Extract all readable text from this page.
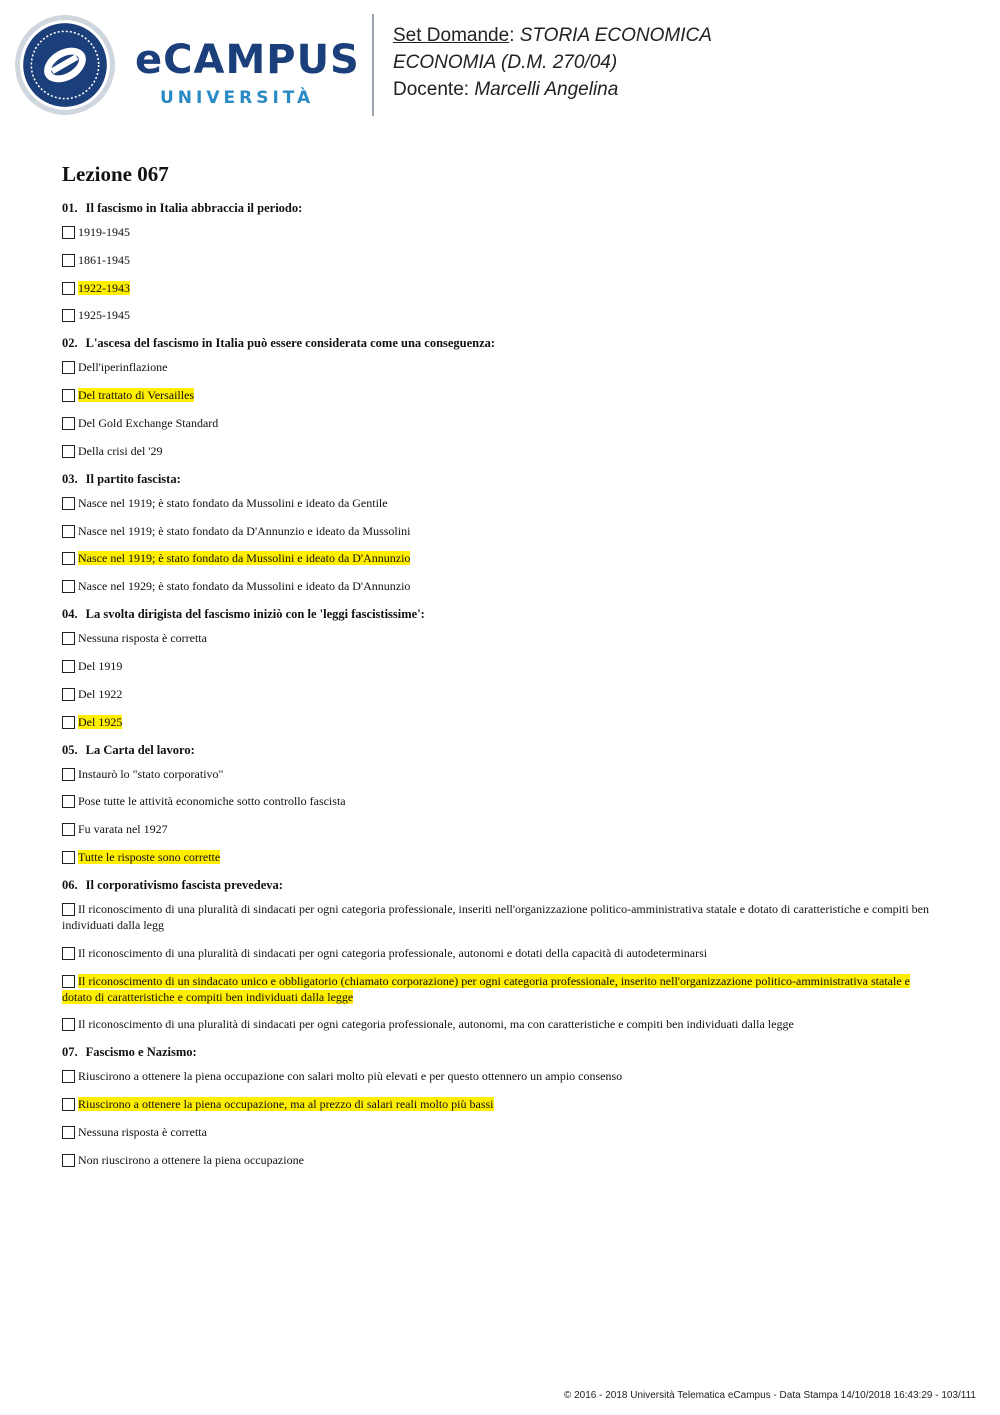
eCAMPUS
UNIVERSITÀ
Set Domande: STORIA ECONOMICA
ECONOMIA (D.M. 270/04)
Docente: Marcelli Angelina
Lezione 067
01. Il fascismo in Italia abbraccia il periodo:
1919-1945
1861-1945
1922-1943
1925-1945
02. L'ascesa del fascismo in Italia può essere considerata come una conseguenza:
Dell'iperinflazione
Del trattato di Versailles
Del Gold Exchange Standard
Della crisi del '29
03. Il partito fascista:
Nasce nel 1919; è stato fondato da Mussolini e ideato da Gentile
Nasce nel 1919; è stato fondato da D'Annunzio e ideato da Mussolini
Nasce nel 1919; è stato fondato da Mussolini e ideato da D'Annunzio
Nasce nel 1929; è stato fondato da Mussolini e ideato da D'Annunzio
04. La svolta dirigista del fascismo iniziò con le 'leggi fascistissime':
Nessuna risposta è corretta
Del 1919
Del 1922
Del 1925
05. La Carta del lavoro:
Instaurò lo "stato corporativo"
Pose tutte le attività economiche sotto controllo fascista
Fu varata nel 1927
Tutte le risposte sono corrette
06. Il corporativismo fascista prevedeva:
Il riconoscimento di una pluralità di sindacati per ogni categoria professionale, inseriti nell'organizzazione politico-amministrativa statale e dotato di caratteristiche e compiti ben individuati dalla legg
Il riconoscimento di una pluralità di sindacati per ogni categoria professionale, autonomi e dotati della capacità di autodeterminarsi
Il riconoscimento di un sindacato unico e obbligatorio (chiamato corporazione) per ogni categoria professionale, inserito nell'organizzazione politico-amministrativa statale e dotato di caratteristiche e compiti ben individuati dalla legge
Il riconoscimento di una pluralità di sindacati per ogni categoria professionale, autonomi, ma con caratteristiche e compiti ben individuati dalla legge
07. Fascismo e Nazismo:
Riuscirono a ottenere la piena occupazione con salari molto più elevati e per questo ottennero un ampio consenso
Riuscirono a ottenere la piena occupazione, ma al prezzo di salari reali molto più bassi
Nessuna risposta è corretta
Non riuscirono a ottenere la piena occupazione
© 2016 - 2018 Università Telematica eCampus - Data Stampa 14/10/2018 16:43:29 - 103/111
